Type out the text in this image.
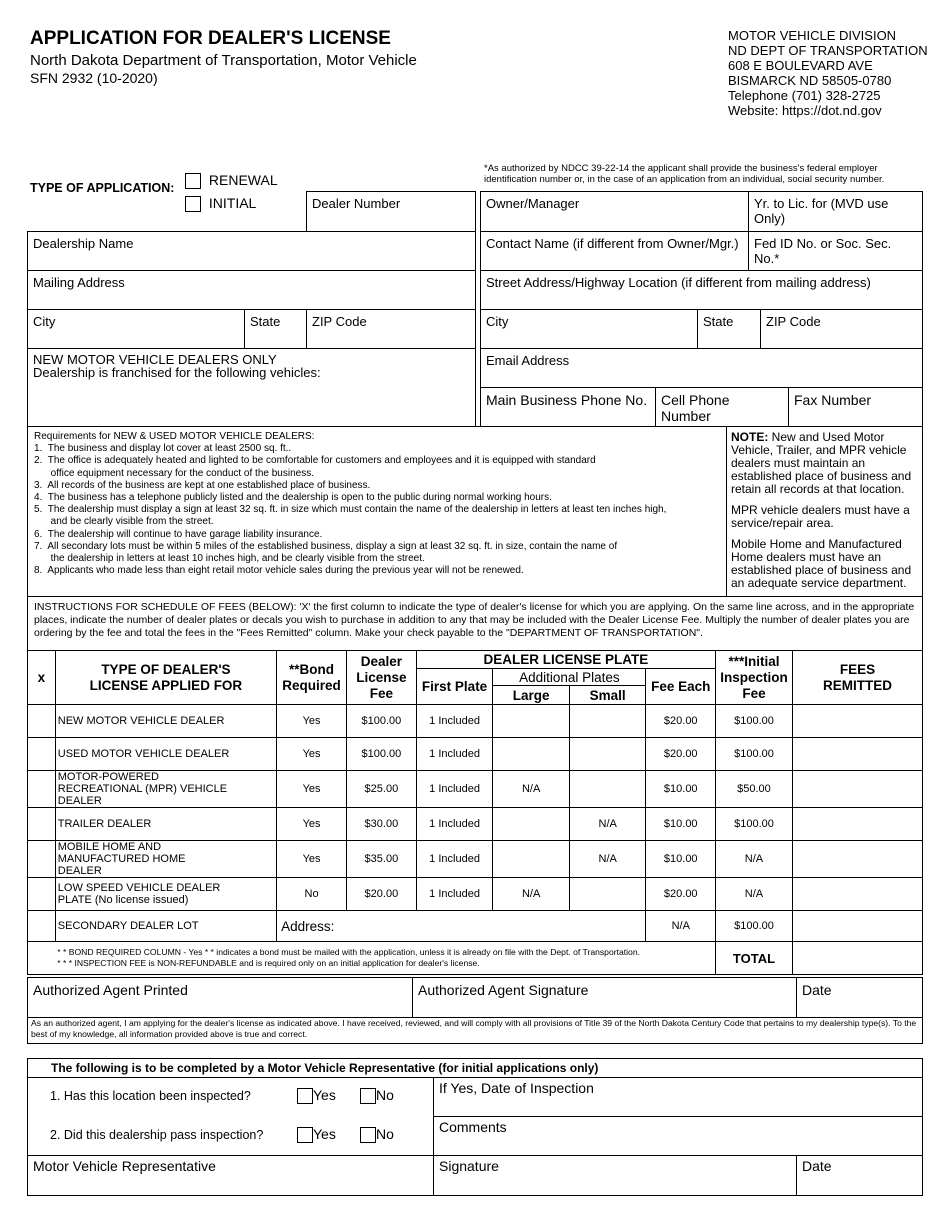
APPLICATION FOR DEALER'S LICENSE
North Dakota Department of Transportation, Motor Vehicle
SFN 2932 (10-2020)
MOTOR VEHICLE DIVISION
ND DEPT OF TRANSPORTATION
608 E BOULEVARD AVE
BISMARCK ND 58505-0780
Telephone (701) 328-2725
Website: https://dot.nd.gov
TYPE OF APPLICATION:	RENEWAL
INITIAL
*As authorized by NDCC 39-22-14 the applicant shall provide the business's federal employer identification number or, in the case of an application from an individual, social security number.
Dealer Number
Dealership Name
Mailing Address
City	State	ZIP Code
NEW MOTOR VEHICLE DEALERS ONLY
Dealership is franchised for the following vehicles:
Owner/Manager	Yr. to Lic. for (MVD use Only)
Contact Name (if different from Owner/Mgr.)	Fed ID No. or Soc. Sec. No.*
Street Address/Highway Location (if different from mailing address)
City	State	ZIP Code
Email Address
Main Business Phone No. Cell Phone Number
Fax Number
Requirements for NEW & USED MOTOR VEHICLE DEALERS:
1.  The business and display lot cover at least 2500 sq. ft..
2.  The office is adequately heated and lighted to be comfortable for customers and employees and it is equipped with standard
office equipment necessary for the conduct of the business.
3.  All records of the business are kept at one established place of business.
4.  The business has a telephone publicly listed and the dealership is open to the public during normal working hours.
5.  The dealership must display a sign at least 32 sq. ft. in size which must contain the name of the dealership in letters at least ten inches high,
and be clearly visible from the street.
6.  The dealership will continue to have garage liability insurance.
7.  All secondary lots must be within 5 miles of the established business, display a sign at least 32 sq. ft. in size, contain the name of
the dealership in letters at least 10 inches high, and be clearly visible from the street.
8.  Applicants who made less than eight retail motor vehicle sales during the previous year will not be renewed.
NOTE: New and Used Motor Vehicle, Trailer, and MPR vehicle dealers must maintain an established place of business and retain all records at that location.
MPR vehicle dealers must have a service/repair area.
Mobile Home and Manufactured Home dealers must have an established place of business and an adequate service department.
INSTRUCTIONS FOR SCHEDULE OF FEES (BELOW): 'X' the first column to indicate the type of dealer's license for which you are applying. On the same line across, and in the appropriate places, indicate the number of dealer plates or decals you wish to purchase in addition to any that may be included with the Dealer License Fee. Multiply the number of dealer plates you are ordering by the fee and total the fees in the "Fees Remitted" column. Make your check payable to the "DEPARTMENT OF TRANSPORTATION".
x	TYPE OF DEALER'S LICENSE APPLIED FOR	**Bond Required	Dealer License Fee	DEALER LICENSE PLATE				***Initial Inspection Fee	FEES REMITTED
				First Plate	Additional Plates		Fee Each		
					Large	Small			
	NEW MOTOR VEHICLE DEALER	Yes	$100.00	1 Included			$20.00	$100.00	
	USED MOTOR VEHICLE DEALER	Yes	$100.00	1 Included			$20.00	$100.00	
	MOTOR-POWERED RECREATIONAL (MPR) VEHICLE DEALER	Yes	$25.00	1 Included	N/A		$10.00	$50.00	
	TRAILER DEALER	Yes	$30.00	1 Included		N/A	$10.00	$100.00	
	MOBILE HOME AND  MANUFACTURED HOME DEALER	Yes	$35.00	1 Included		N/A	$10.00	N/A	
	LOW SPEED VEHICLE DEALER PLATE (No license issued)	No	$20.00	1 Included	N/A		$20.00	N/A	
	SECONDARY DEALER LOT	Address:					N/A	$100.00	

	* * BOND REQUIRED COLUMN - Yes * * indicates a bond must be mailed with the application, unless it is already on file with the Dept. of Transportation.
* * * INSPECTION FEE is NON-REFUNDABLE and is required only on an initial application for dealer's license.							TOTAL	
Authorized Agent Printed	Authorized Agent Signature	Date
As an authorized agent, I am applying for the dealer's license as indicated above. I have received, reviewed, and will comply with all provisions of Title 39 of the North Dakota Century Code that pertains to my dealership type(s). To the best of my knowledge, all information provided above is true and correct.
The following is to be completed by a Motor Vehicle Representative (for initial applications only)
1. Has this location been inspected?	Yes	No
2. Did this dealership pass inspection?	Yes	No
If Yes, Date of Inspection
Comments
Motor Vehicle Representative	Signature	Date
